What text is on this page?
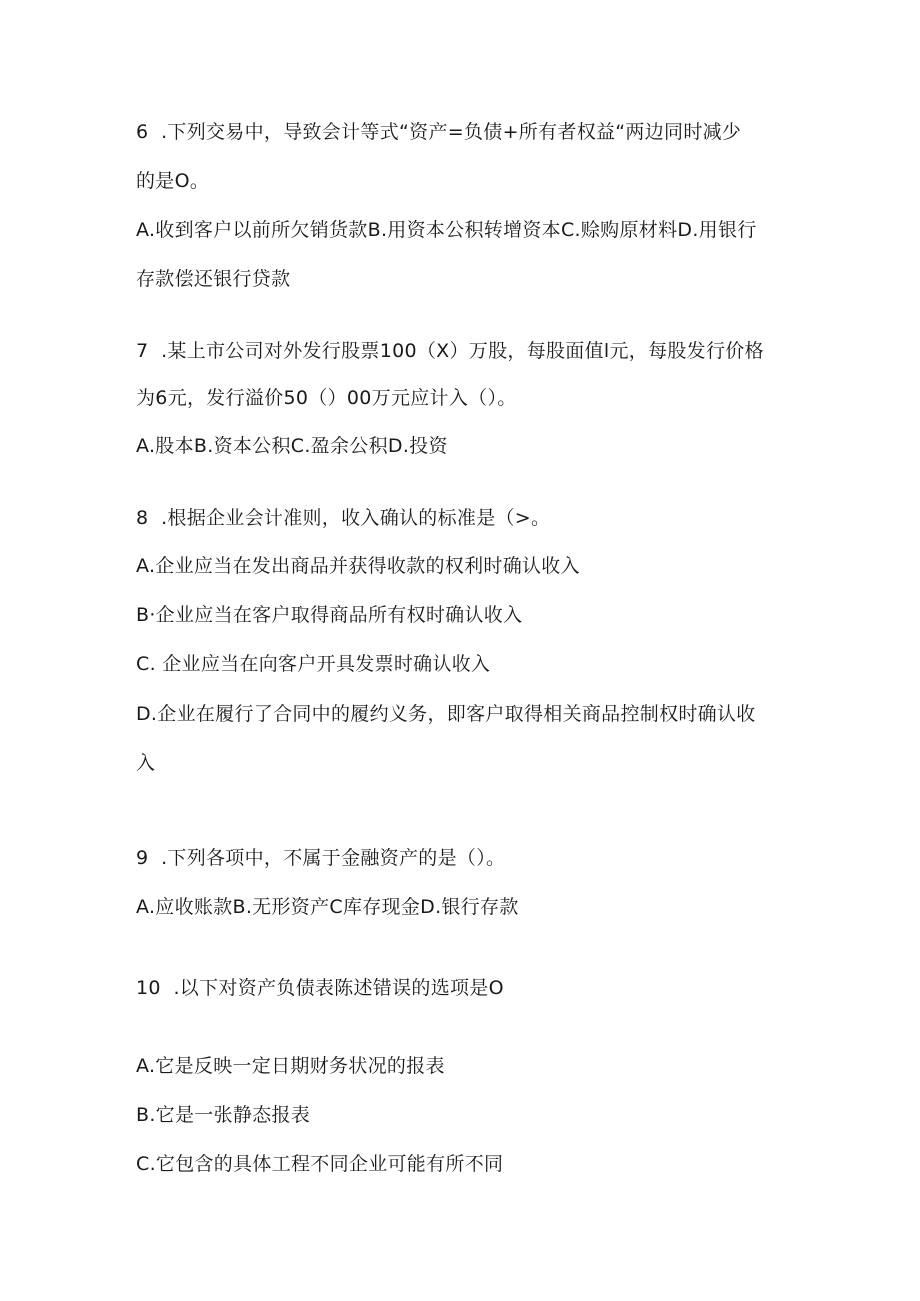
6  .下列交易中，导致会计等式“资产=负债+所有者权益“两边同时减少
的是O。
A.收到客户以前所欠销货款B.用资本公积转增资本C.赊购原材料D.用银行
存款偿还银行贷款
7  .某上市公司对外发行股票100（X）万股，每股面值l元，每股发行价格
为6元，发行溢价50（）00万元应计入（）。
A.股本B.资本公积C.盈余公积D.投资
8  .根据企业会计准则，收入确认的标准是（>。
A.企业应当在发出商品并获得收款的权利时确认收入
B·企业应当在客户取得商品所有权时确认收入
C. 企业应当在向客户开具发票时确认收入
D.企业在履行了合同中的履约义务，即客户取得相关商品控制权时确认收
入
9  .下列各项中，不属于金融资产的是（）。
A.应收账款B.无形资产C库存现金D.银行存款
10  .以下对资产负债表陈述错误的选项是O
A.它是反映一定日期财务状况的报表
B.它是一张静态报表
C.它包含的具体工程不同企业可能有所不同
